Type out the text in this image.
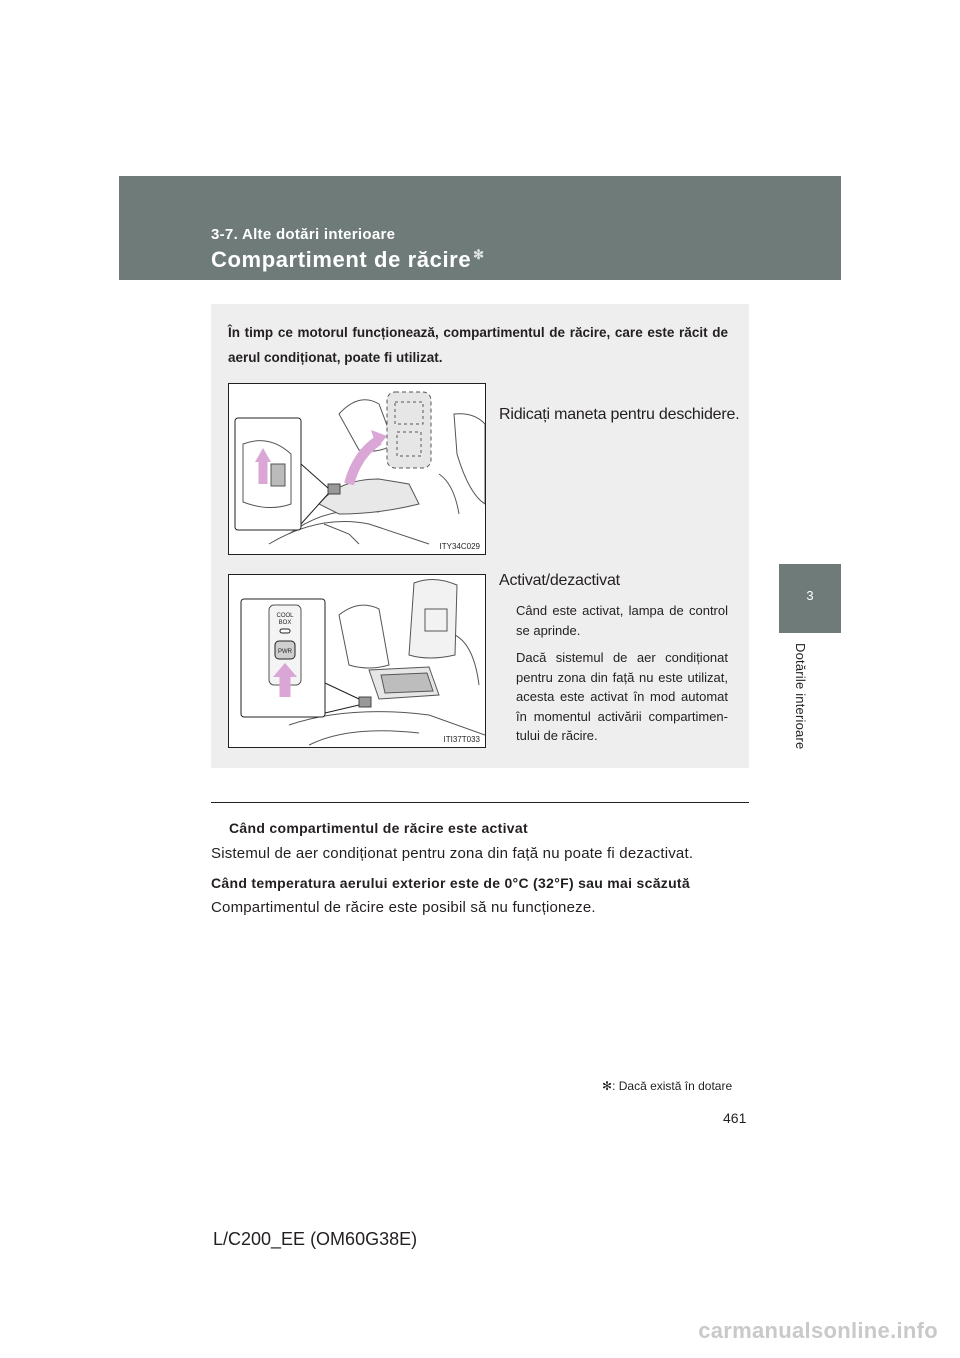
3-7. Alte dotări interioare
Compartiment de răcire ✻
3
Dotările interioare
În timp ce motorul funcționează, compartimentul de răcire, care este răcit de aerul condiționat, poate fi utilizat.
ITY34C029
Ridicați maneta pentru deschidere.
COOL
BOX
PWR
ITI37T033
Activat/dezactivat

Când este activat, lampa de control se aprinde.

Dacă sistemul de aer condiționat pentru zona din față nu este utilizat, acesta este activat în mod automat în momentul activării compartimen-tului de răcire.

Când compartimentul de răcire este activat
Sistemul de aer condiționat pentru zona din față nu poate fi dezactivat.
Când temperatura aerului exterior este de 0°C (32°F) sau mai scăzută
Compartimentul de răcire este posibil să nu funcționeze.
✻: Dacă există în dotare
461
L/C200_EE (OM60G38E)
carmanualsonline.info
